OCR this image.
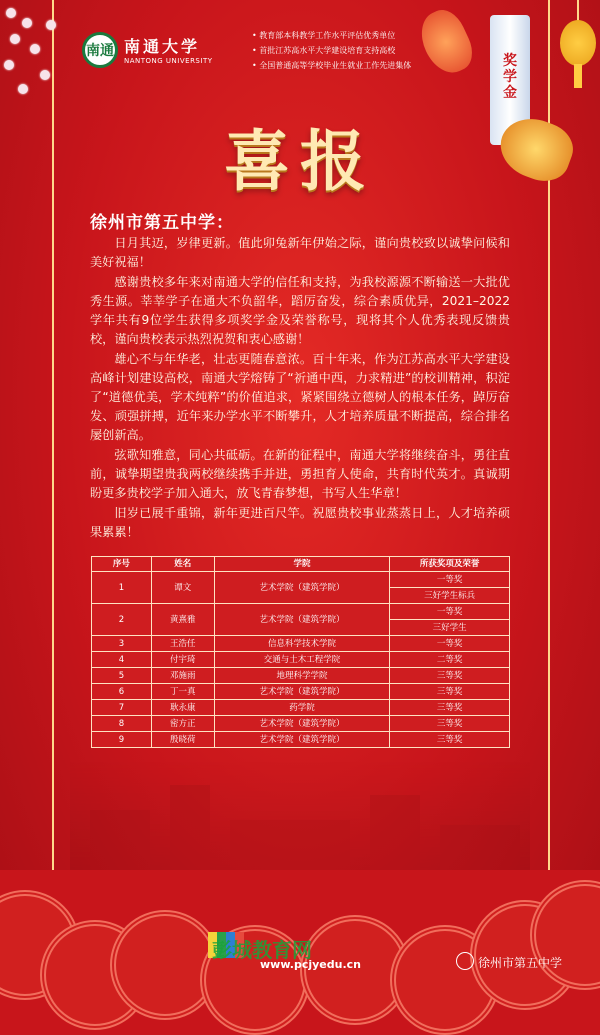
南通 南通大学
NANTONG UNIVERSITY
• 教育部本科教学工作水平评估优秀单位
• 首批江苏高水平大学建设培育支持高校
• 全国普通高等学校毕业生就业工作先进集体	奖学金
喜报
徐州市第五中学：

日月其迈，岁律更新。值此卯兔新年伊始之际，谨向贵校致以诚挚问候和美好祝福！

感谢贵校多年来对南通大学的信任和支持，为我校源源不断输送一大批优秀生源。莘莘学子在通大不负韶华，蹈厉奋发，综合素质优异，2021–2022学年共有9位学生获得多项奖学金及荣誉称号，现将其个人优秀表现反馈贵校，谨向贵校表示热烈祝贺和衷心感谢！

雄心不与年华老，壮志更随春意浓。百十年来，作为江苏高水平大学建设高峰计划建设高校，南通大学熔铸了“祈通中西，力求精进”的校训精神，积淀了“道德优美，学术纯粹”的价值追求，紧紧围绕立德树人的根本任务，踔厉奋发、顽强拼搏，近年来办学水平不断攀升，人才培养质量不断提高，综合排名屡创新高。

弦歌知雅意，同心共砥砺。在新的征程中，南通大学将继续奋斗，勇往直前，诚挚期望贵我两校继续携手并进，勇担育人使命，共育时代英才。真诚期盼更多贵校学子加入通大，放飞青春梦想，书写人生华章！

旧岁已展千重锦，新年更进百尺竿。祝愿贵校事业蒸蒸日上，人才培养硕果累累！

序号	姓名	学院	所获奖项及荣誉
1	谭文	艺术学院（建筑学院）	一等奖
			三好学生标兵
2	黄熹雅	艺术学院（建筑学院）	一等奖
			三好学生
3	王浩任	信息科学技术学院	一等奖
4	付宇琦	交通与土木工程学院	二等奖
5	邓施雨	地理科学学院	三等奖
6	丁一真	艺术学院（建筑学院）	三等奖
7	耿永康	药学院	三等奖
8	密方正	艺术学院（建筑学院）	三等奖
9	殷晓荷	艺术学院（建筑学院）	三等奖
彭城教育网
www.pcjyedu.cn	徐州市第五中学
